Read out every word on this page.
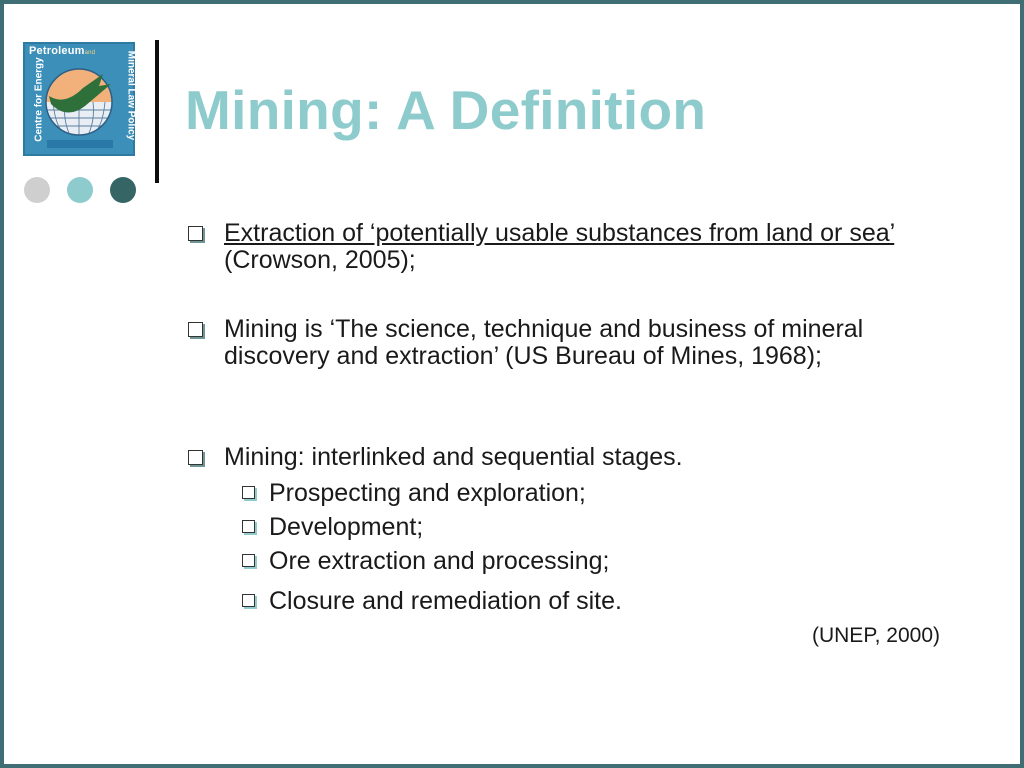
Petroleumand
Centre for Energy	Mineral Law Policy Mining: A Definition
Extraction of ‘potentially usable substances from land or sea’ (Crowson, 2005);
Mining is ‘The science, technique and business of mineral discovery and extraction’ (US Bureau of Mines, 1968);
Mining: interlinked and sequential stages.
Prospecting and exploration;
Development;
Ore extraction and processing;
Closure and remediation of site.
(UNEP, 2000)
